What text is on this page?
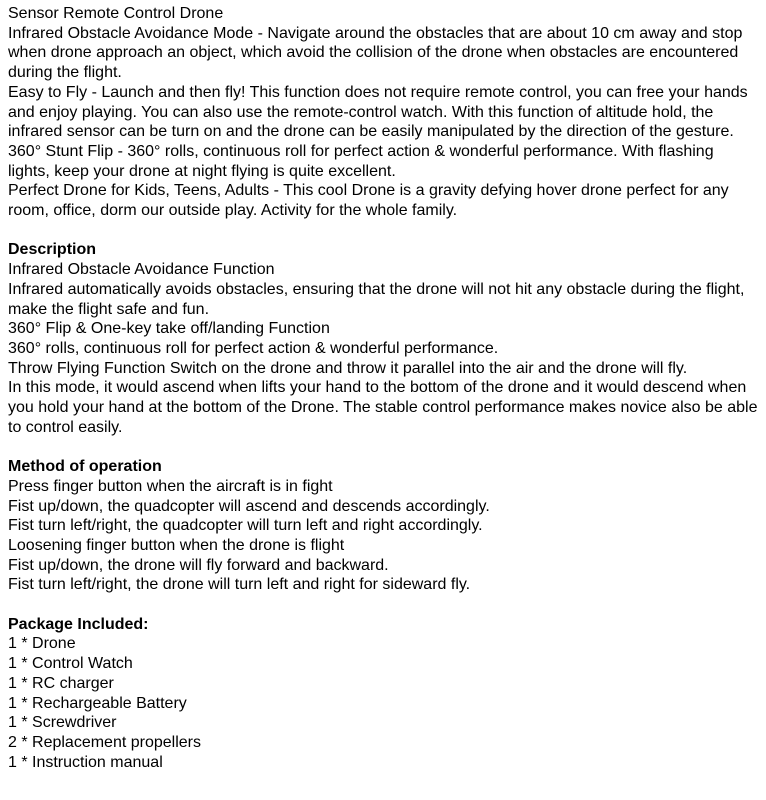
Sensor Remote Control Drone

Infrared Obstacle Avoidance Mode - Navigate around the obstacles that are about 10 cm away and stop when drone approach an object, which avoid the collision of the drone when obstacles are encountered during the flight.

Easy to Fly - Launch and then fly! This function does not require remote control, you can free your hands and enjoy playing. You can also use the remote-control watch. With this function of altitude hold, the infrared sensor can be turn on and the drone can be easily manipulated by the direction of the gesture.

360° Stunt Flip - 360° rolls, continuous roll for perfect action & wonderful performance. With flashing lights, keep your drone at night flying is quite excellent.

Perfect Drone for Kids, Teens, Adults - This cool Drone is a gravity defying hover drone perfect for any room, office, dorm our outside play. Activity for the whole family.

Description

Infrared Obstacle Avoidance Function

Infrared automatically avoids obstacles, ensuring that the drone will not hit any obstacle during the flight, make the flight safe and fun.

360° Flip & One-key take off/landing Function

360° rolls, continuous roll for perfect action & wonderful performance.

Throw Flying Function Switch on the drone and throw it parallel into the air and the drone will fly.

In this mode, it would ascend when lifts your hand to the bottom of the drone and it would descend when you hold your hand at the bottom of the Drone. The stable control performance makes novice also be able to control easily.

Method of operation

Press finger button when the aircraft is in fight

Fist up/down, the quadcopter will ascend and descends accordingly.

Fist turn left/right, the quadcopter will turn left and right accordingly.

Loosening finger button when the drone is flight

Fist up/down, the drone will fly forward and backward.

Fist turn left/right, the drone will turn left and right for sideward fly.

Package Included:

1 * Drone
1 * Control Watch
1 * RC charger
1 * Rechargeable Battery
1 * Screwdriver
2 * Replacement propellers
1 * Instruction manual
